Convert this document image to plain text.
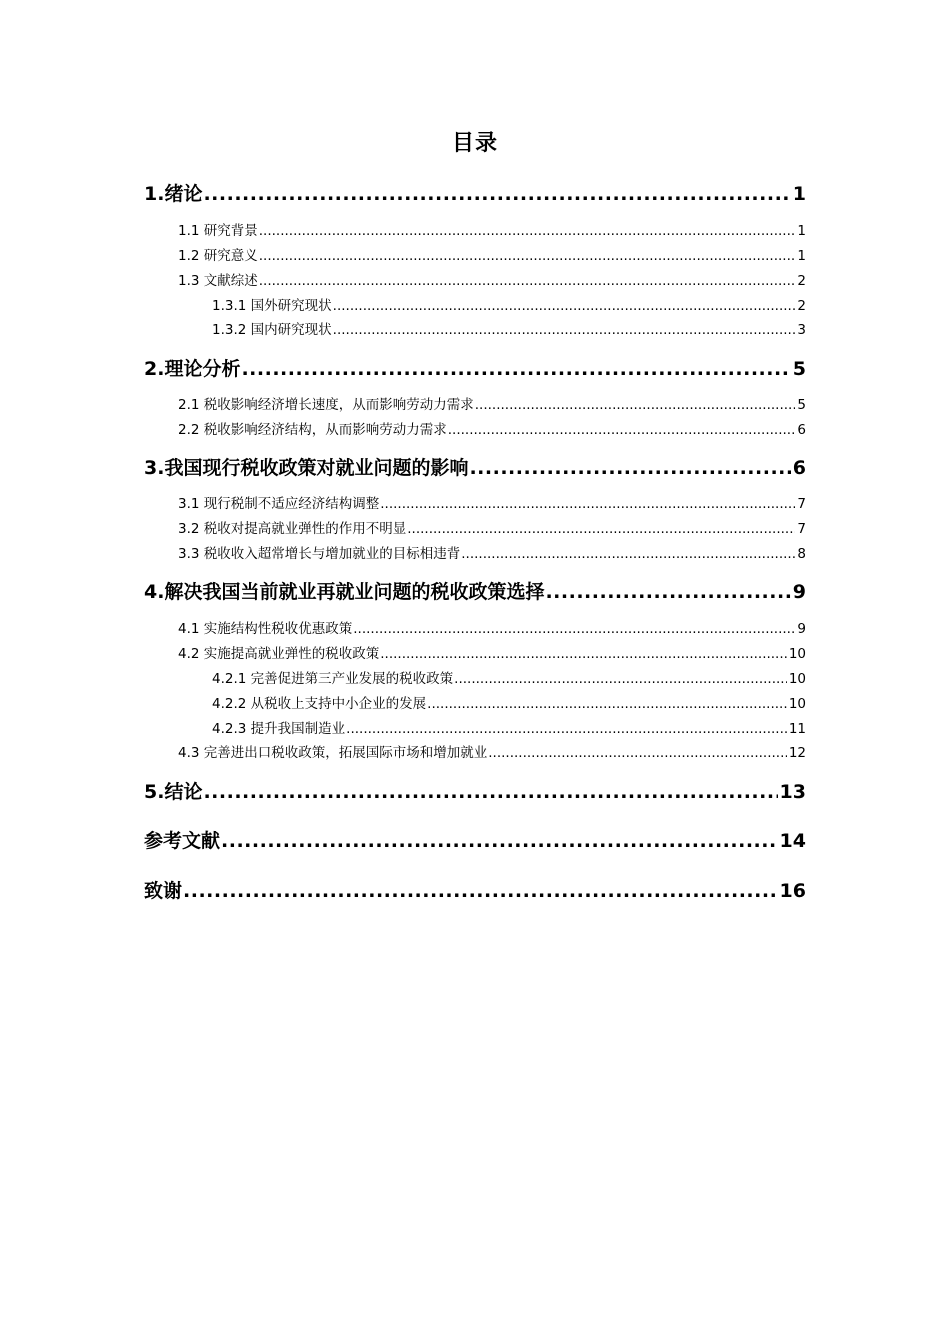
目录
1.绪论 .....	1
1.1 研究背景 .....	1
1.2 研究意义 .....	1
1.3 文献综述 .....	2
1.3.1 国外研究现状 .....	2
1.3.2 国内研究现状 .....	3
2.理论分析 .....	5
2.1 税收影响经济增长速度，从而影响劳动力需求 .....	5
2.2 税收影响经济结构，从而影响劳动力需求 .....	6
3.我国现行税收政策对就业问题的影响 .....	6
3.1 现行税制不适应经济结构调整 .....	7
3.2 税收对提高就业弹性的作用不明显 .....	7
3.3 税收收入超常增长与增加就业的目标相违背 .....	8
4.解决我国当前就业再就业问题的税收政策选择 .....	9
4.1 实施结构性税收优惠政策 .....	9
4.2 实施提高就业弹性的税收政策 .....	10
4.2.1 完善促进第三产业发展的税收政策 .....	10
4.2.2 从税收上支持中小企业的发展 .....	10
4.2.3 提升我国制造业 .....	11
4.3 完善进出口税收政策，拓展国际市场和增加就业 .....	12
5.结论 .....	13
参考文献 .....	14
致谢 .....	16
